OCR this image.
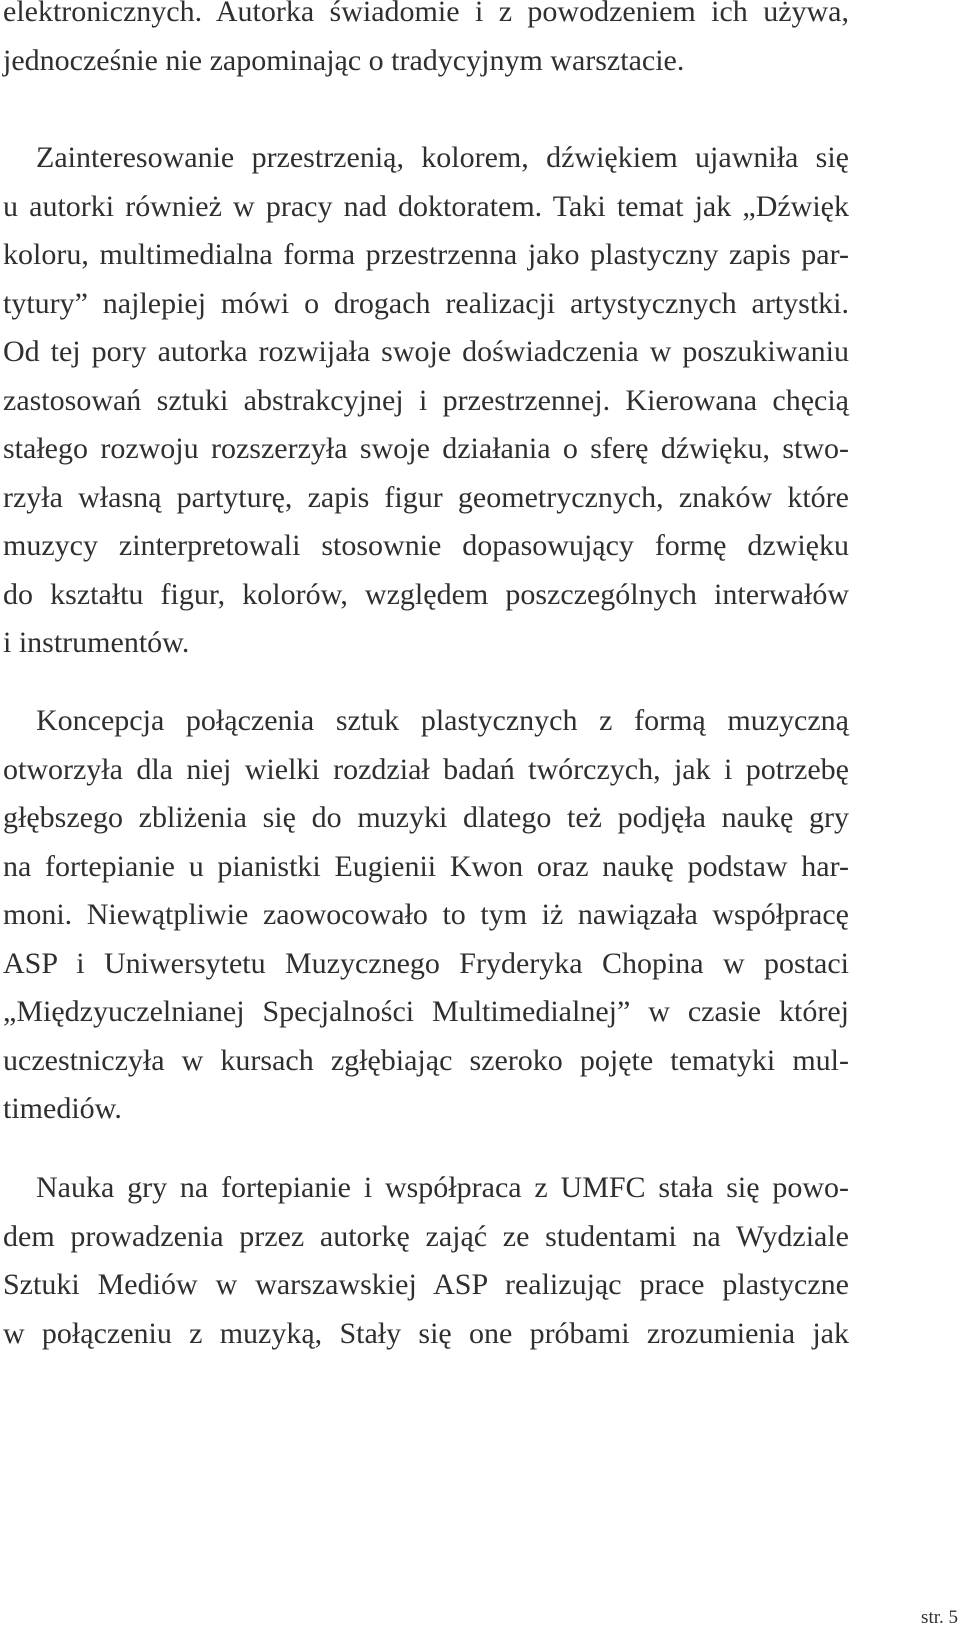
elektronicznych. Autorka świadomie i z powodzeniem ich używa,
jednocześnie nie zapominając o tradycyjnym warsztacie.
Zainteresowanie przestrzenią, kolorem, dźwiękiem ujawniła się
u autorki również w pracy nad doktoratem. Taki temat jak „Dźwięk
koloru, multimedialna forma przestrzenna jako plastyczny zapis par-
tytury” najlepiej mówi o drogach realizacji artystycznych artystki.
Od tej pory autorka rozwijała swoje doświadczenia w poszukiwaniu
zastosowań sztuki abstrakcyjnej i przestrzennej. Kierowana chęcią
stałego rozwoju rozszerzyła swoje działania o sferę dźwięku, stwo-
rzyła własną partyturę, zapis figur geometrycznych, znaków które
muzycy zinterpretowali stosownie dopasowujący formę dzwięku
do kształtu figur, kolorów, względem poszczególnych interwałów
i instrumentów.
Koncepcja połączenia sztuk plastycznych z formą muzyczną
otworzyła dla niej wielki rozdział badań twórczych, jak i potrzebę
głębszego zbliżenia się do muzyki dlatego też podjęła naukę gry
na fortepianie u pianistki Eugienii Kwon oraz naukę podstaw har-
moni. Niewątpliwie zaowocowało to tym iż nawiązała współpracę
ASP i Uniwersytetu Muzycznego Fryderyka Chopina w postaci
„Międzyuczelnianej Specjalności Multimedialnej” w czasie której
uczestniczyła w kursach zgłębiając szeroko pojęte tematyki mul-
timediów.
Nauka gry na fortepianie i współpraca z UMFC stała się powo-
dem prowadzenia przez autorkę zająć ze studentami na Wydziale
Sztuki Mediów w warszawskiej ASP realizując prace plastyczne
w połączeniu z muzyką, Stały się one próbami zrozumienia jak
str. 5
